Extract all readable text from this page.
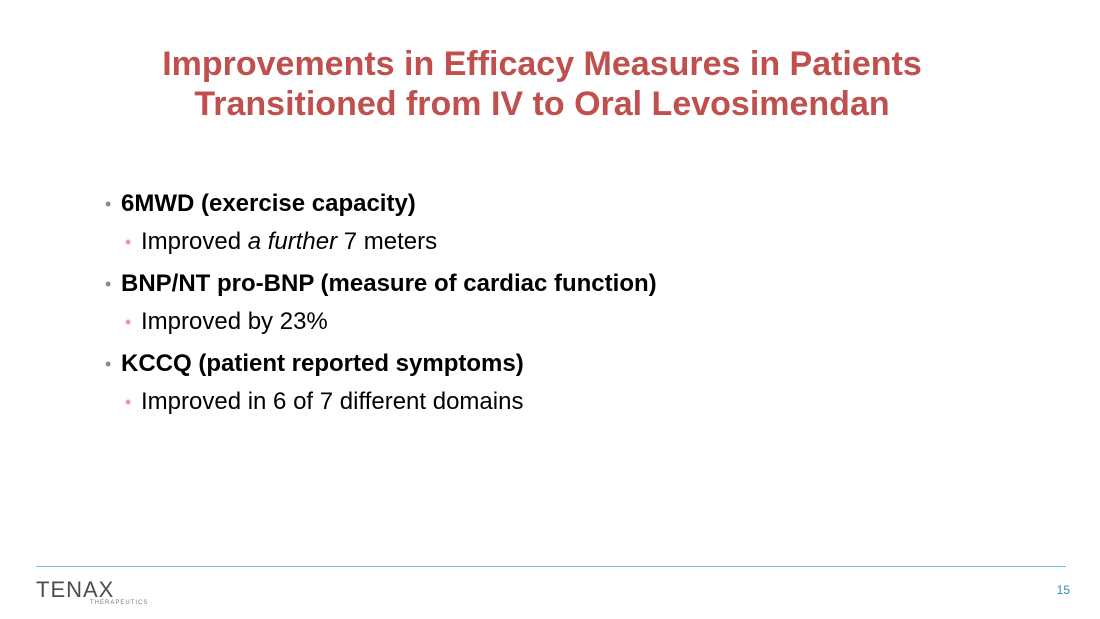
Improvements in Efficacy Measures in Patients
Transitioned from IV to Oral Levosimendan
• 6MWD (exercise capacity)
• Improved a further 7 meters
• BNP/NT pro-BNP (measure of cardiac function)
• Improved by 23%
• KCCQ (patient reported symptoms)
• Improved in 6 of 7 different domains
TENAX
THERAPEUTICS
15
